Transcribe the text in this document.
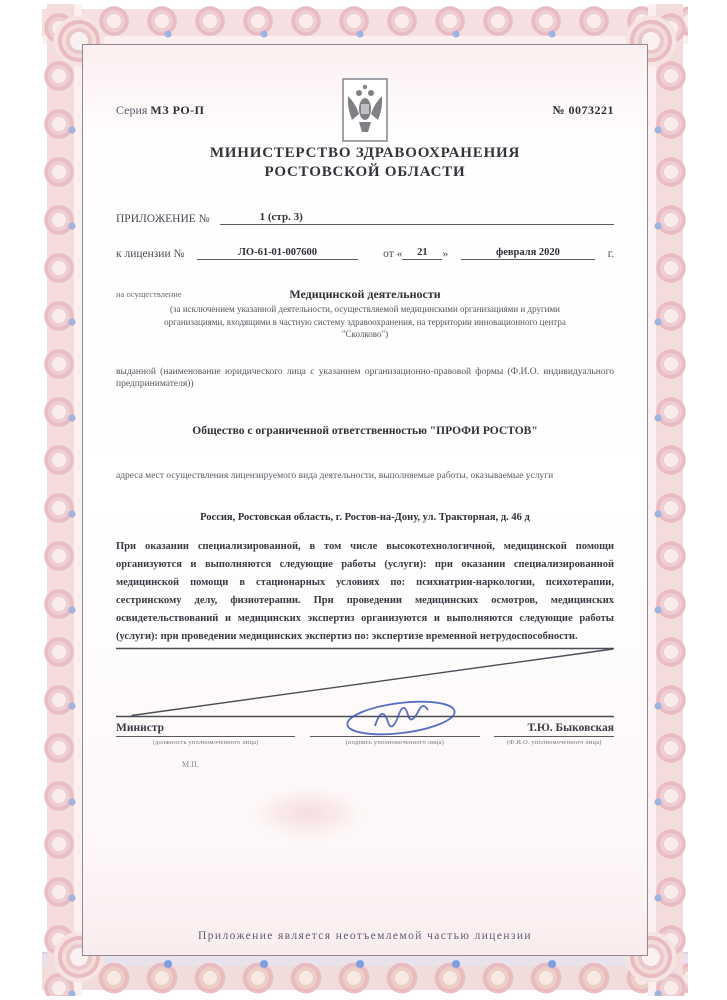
Серия МЗ РО-П	№ 0073221
МИНИСТЕРСТВО ЗДРАВООХРАНЕНИЯ
РОСТОВСКОЙ ОБЛАСТИ
ПРИЛОЖЕНИЕ №	1 (стр. 3)
к лицензии №	ЛО-61-01-007600	от «	21	»	февраля 2020	г.
на осуществление	Медицинской деятельности
(за исключением указанной деятельности, осуществляемой медицинскими организациями и другими организациями, входящими в частную систему здравоохранения, на территории инновационного центра "Сколково")
выданной (наименование юридического лица с указанием организационно-правовой формы (Ф.И.О. индивидуального предпринимателя))
Общество с ограниченной ответственностью "ПРОФИ РОСТОВ"
адреса мест осуществления лицензируемого вида деятельности, выполняемые работы, оказываемые услуги
Россия, Ростовская область, г. Ростов-на-Дону, ул. Тракторная, д. 46 д
При оказании специализированной, в том числе высокотехнологичной, медицинской помощи организуются и выполняются следующие работы (услуги): при оказании специализированной медицинской помощи в стационарных условиях по: психиатрии-наркологии, психотерапии, сестринскому делу, физиотерапии. При проведении медицинских осмотров, медицинских освидетельствований и медицинских экспертиз организуются и выполняются следующие работы (услуги): при проведении медицинских экспертиз по: экспертизе временной нетрудоспособности.
Министр
(должность уполномоченного лица)	(подпись уполномоченного лица)
Т.Ю. Быковская
(Ф.И.О. уполномоченного лица)
М.П.
Приложение является неотъемлемой частью лицензии
